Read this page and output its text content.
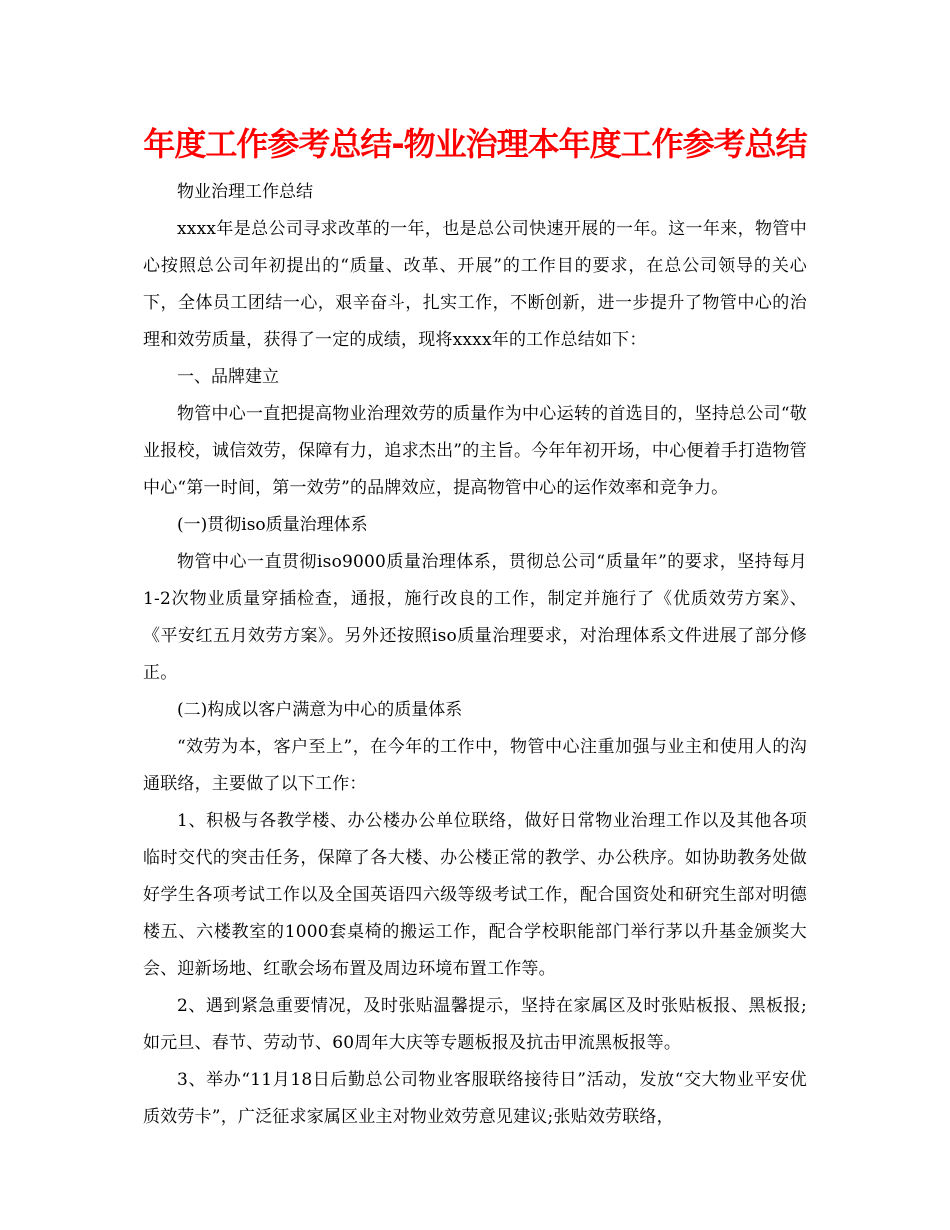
年度工作参考总结-物业治理本年度工作参考总结

物业治理工作总结

xxxx年是总公司寻求改革的一年，也是总公司快速开展的一年。这一年来，物管中心按照总公司年初提出的“质量、改革、开展”的工作目的要求，在总公司领导的关心下，全体员工团结一心，艰辛奋斗，扎实工作，不断创新，进一步提升了物管中心的治理和效劳质量，获得了一定的成绩，现将xxxx年的工作总结如下：

一、品牌建立

物管中心一直把提高物业治理效劳的质量作为中心运转的首选目的，坚持总公司“敬业报校，诚信效劳，保障有力，追求杰出”的主旨。今年年初开场，中心便着手打造物管中心“第一时间，第一效劳”的品牌效应，提高物管中心的运作效率和竞争力。

(一)贯彻iso质量治理体系

物管中心一直贯彻iso9000质量治理体系，贯彻总公司“质量年”的要求，坚持每月1-2次物业质量穿插检查，通报，施行改良的工作，制定并施行了《优质效劳方案》、《平安红五月效劳方案》。另外还按照iso质量治理要求，对治理体系文件进展了部分修正。

(二)构成以客户满意为中心的质量体系

“效劳为本，客户至上”，在今年的工作中，物管中心注重加强与业主和使用人的沟通联络，主要做了以下工作：

1、积极与各教学楼、办公楼办公单位联络，做好日常物业治理工作以及其他各项临时交代的突击任务，保障了各大楼、办公楼正常的教学、办公秩序。如协助教务处做好学生各项考试工作以及全国英语四六级等级考试工作，配合国资处和研究生部对明德楼五、六楼教室的1000套桌椅的搬运工作，配合学校职能部门举行茅以升基金颁奖大会、迎新场地、红歌会场布置及周边环境布置工作等。

2、遇到紧急重要情况，及时张贴温馨提示，坚持在家属区及时张贴板报、黑板报;如元旦、春节、劳动节、60周年大庆等专题板报及抗击甲流黑板报等。

3、举办“11月18日后勤总公司物业客服联络接待日”活动，发放“交大物业平安优质效劳卡”，广泛征求家属区业主对物业效劳意见建议;张贴效劳联络，
